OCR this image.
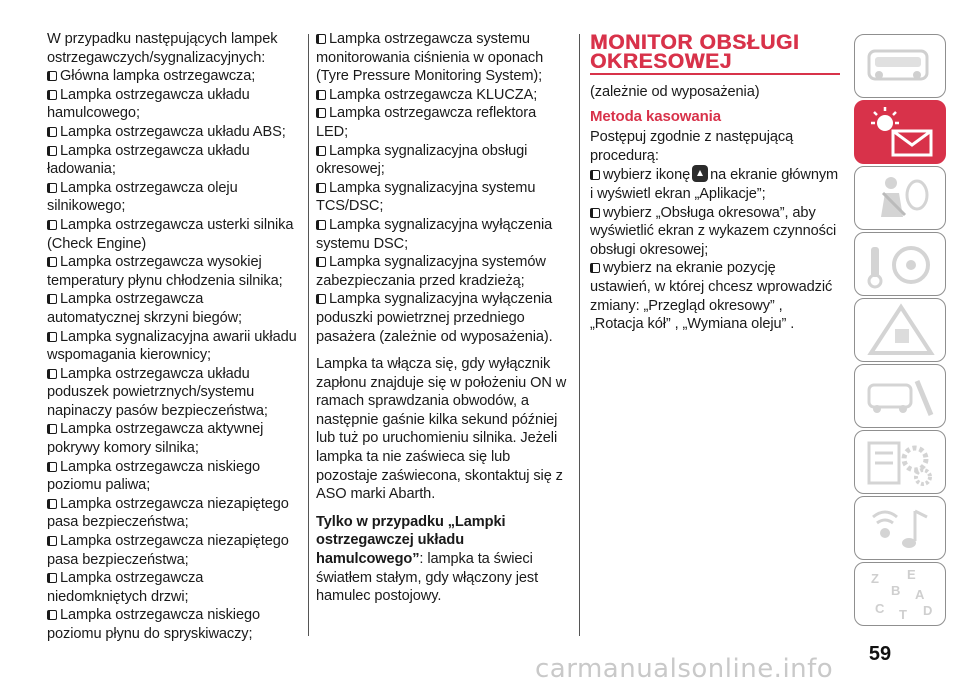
W przypadku następujących lampek ostrzegawczych/sygnalizacyjnych:

Główna lampka ostrzegawcza;

Lampka ostrzegawcza układu hamulcowego;

Lampka ostrzegawcza układu ABS;

Lampka ostrzegawcza układu ładowania;

Lampka ostrzegawcza oleju silnikowego;

Lampka ostrzegawcza usterki silnika (Check Engine)

Lampka ostrzegawcza wysokiej temperatury płynu chłodzenia silnika;

Lampka ostrzegawcza automatycznej skrzyni biegów;

Lampka sygnalizacyjna awarii układu wspomagania kierownicy;

Lampka ostrzegawcza układu poduszek powietrznych/systemu napinaczy pasów bezpieczeństwa;

Lampka ostrzegawcza aktywnej pokrywy komory silnika;

Lampka ostrzegawcza niskiego poziomu paliwa;

Lampka ostrzegawcza niezapiętego pasa bezpieczeństwa;

Lampka ostrzegawcza niezapiętego pasa bezpieczeństwa;

Lampka ostrzegawcza niedomkniętych drzwi;

Lampka ostrzegawcza niskiego poziomu płynu do spryskiwaczy;

Lampka ostrzegawcza systemu monitorowania ciśnienia w oponach (Tyre Pressure Monitoring System);

Lampka ostrzegawcza KLUCZA;

Lampka ostrzegawcza reflektora LED;

Lampka sygnalizacyjna obsługi okresowej;

Lampka sygnalizacyjna systemu TCS/DSC;

Lampka sygnalizacyjna wyłączenia systemu DSC;

Lampka sygnalizacyjna systemów zabezpieczania przed kradzieżą;

Lampka sygnalizacyjna wyłączenia poduszki powietrznej przedniego pasażera (zależnie od wyposażenia).

Lampka ta włącza się, gdy wyłącznik zapłonu znajduje się w położeniu ON w ramach sprawdzania obwodów, a następnie gaśnie kilka sekund później lub tuż po uruchomieniu silnika. Jeżeli lampka ta nie zaświeca się lub pozostaje zaświecona, skontaktuj się z ASO marki Abarth.

Tylko w przypadku „Lampki ostrzegawczej układu hamulcowego”: lampka ta świeci światłem stałym, gdy włączony jest hamulec postojowy.

MONITOR OBSŁUGI OKRESOWEJ

(zależnie od wyposażenia)

Metoda kasowania

Postępuj zgodnie z następującą procedurą:

wybierz ikonę na ekranie głównym i wyświetl ekran „Aplikacje”;

wybierz „Obsługa okresowa”, aby wyświetlić ekran z wykazem czynności obsługi okresowej;

wybierz na ekranie pozycję ustawień, w której chcesz wprowadzić zmiany: „Przegląd okresowy” , „Rotacja kół” , „Wymiana oleju” .

Z E
B A
C T D
59
carmanualsonline.info
